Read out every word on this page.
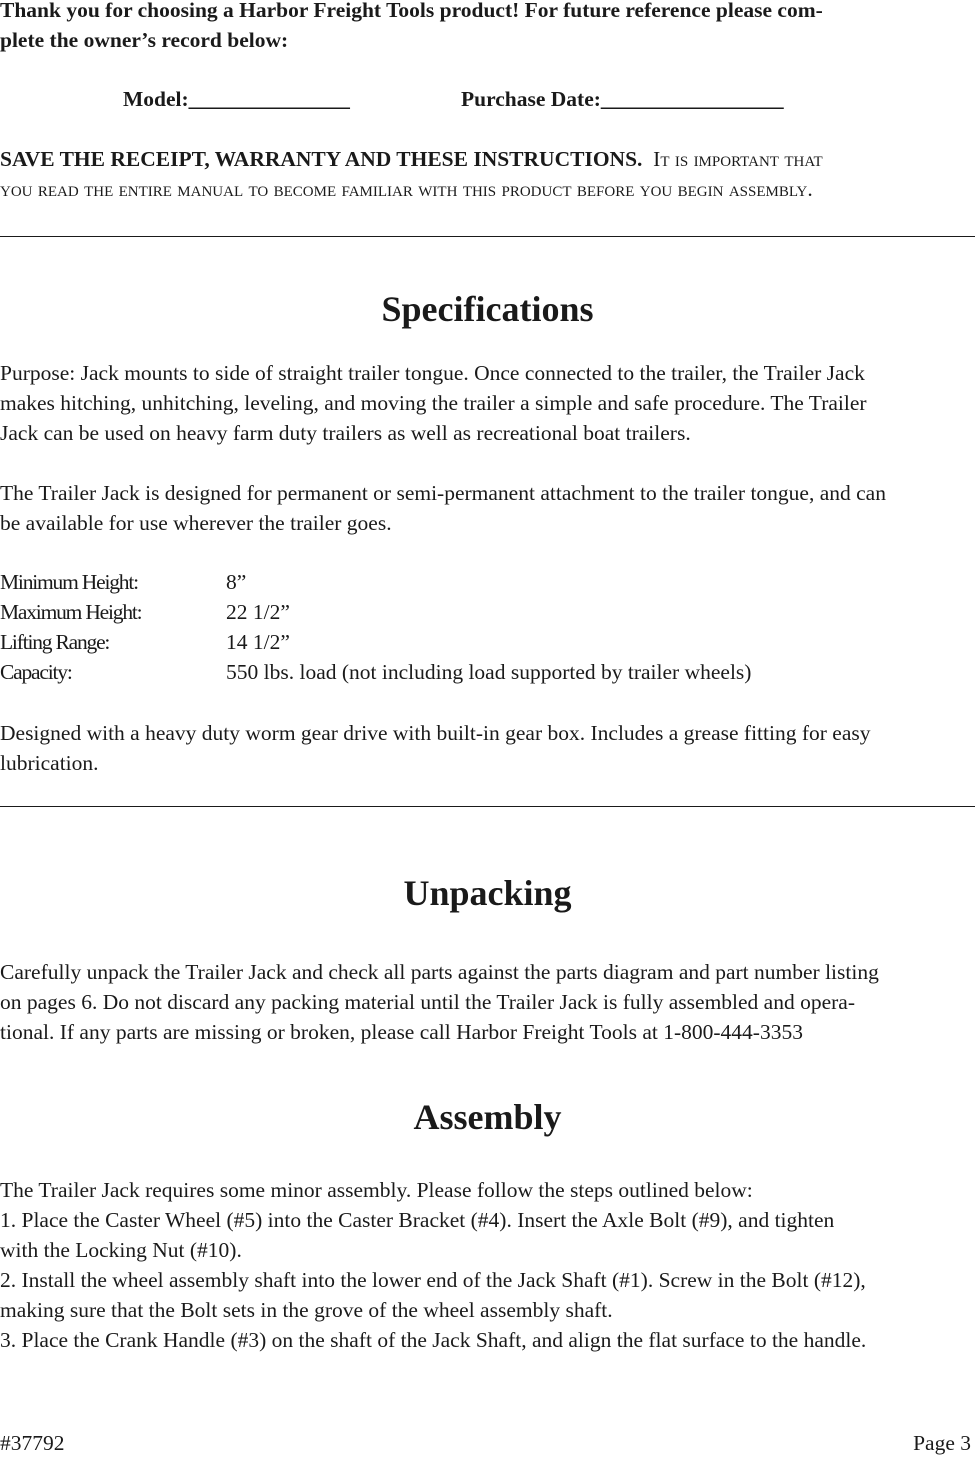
Thank you for choosing a Harbor Freight Tools product! For future reference please com-
plete the owner’s record below:
Model:_______________	Purchase Date:_________________
SAVE THE RECEIPT, WARRANTY AND THESE INSTRUCTIONS. It is important that
you read the entire manual to become familiar with this product before you begin assembly.
Specifications
Purpose: Jack mounts to side of straight trailer tongue. Once connected to the trailer, the Trailer Jack
makes hitching, unhitching, leveling, and moving the trailer a simple and safe procedure. The Trailer
Jack can be used on heavy farm duty trailers as well as recreational boat trailers.
The Trailer Jack is designed for permanent or semi-permanent attachment to the trailer tongue, and can
be available for use wherever the trailer goes.
Minimum Height:	8”
Maximum Height:	22 1/2”
Lifting Range:	14 1/2”
Capacity:	550 lbs. load (not including load supported by trailer wheels)
Designed with a heavy duty worm gear drive with built-in gear box. Includes a grease fitting for easy
lubrication.
Unpacking
Carefully unpack the Trailer Jack and check all parts against the parts diagram and part number listing
on pages 6. Do not discard any packing material until the Trailer Jack is fully assembled and opera-
tional. If any parts are missing or broken, please call Harbor Freight Tools at 1-800-444-3353
Assembly
The Trailer Jack requires some minor assembly. Please follow the steps outlined below:
1. Place the Caster Wheel (#5) into the Caster Bracket (#4). Insert the Axle Bolt (#9), and tighten
with the Locking Nut (#10).
2. Install the wheel assembly shaft into the lower end of the Jack Shaft (#1). Screw in the Bolt (#12),
making sure that the Bolt sets in the grove of the wheel assembly shaft.
3. Place the Crank Handle (#3) on the shaft of the Jack Shaft, and align the flat surface to the handle.
#37792	Page 3
